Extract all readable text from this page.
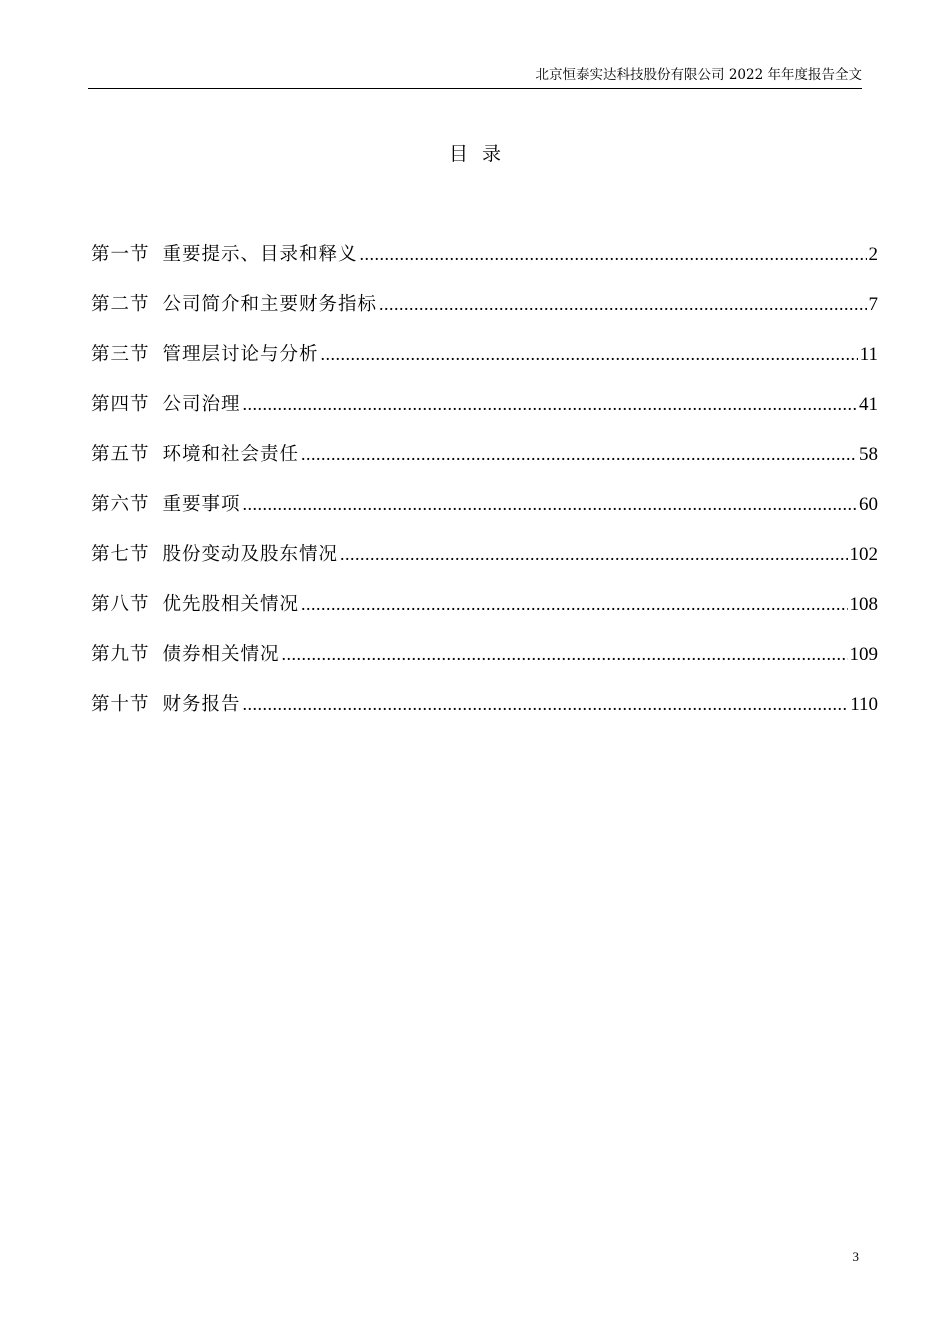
北京恒泰实达科技股份有限公司 2022 年年度报告全文
目录
第一节 重要提示、目录和释义 .....	2
第二节 公司简介和主要财务指标 .....	7
第三节 管理层讨论与分析 .....	11
第四节 公司治理 .....	41
第五节 环境和社会责任 .....	58
第六节 重要事项 .....	60
第七节 股份变动及股东情况 .....	102
第八节 优先股相关情况 .....	108
第九节 债券相关情况 .....	109
第十节 财务报告 .....	110
3
